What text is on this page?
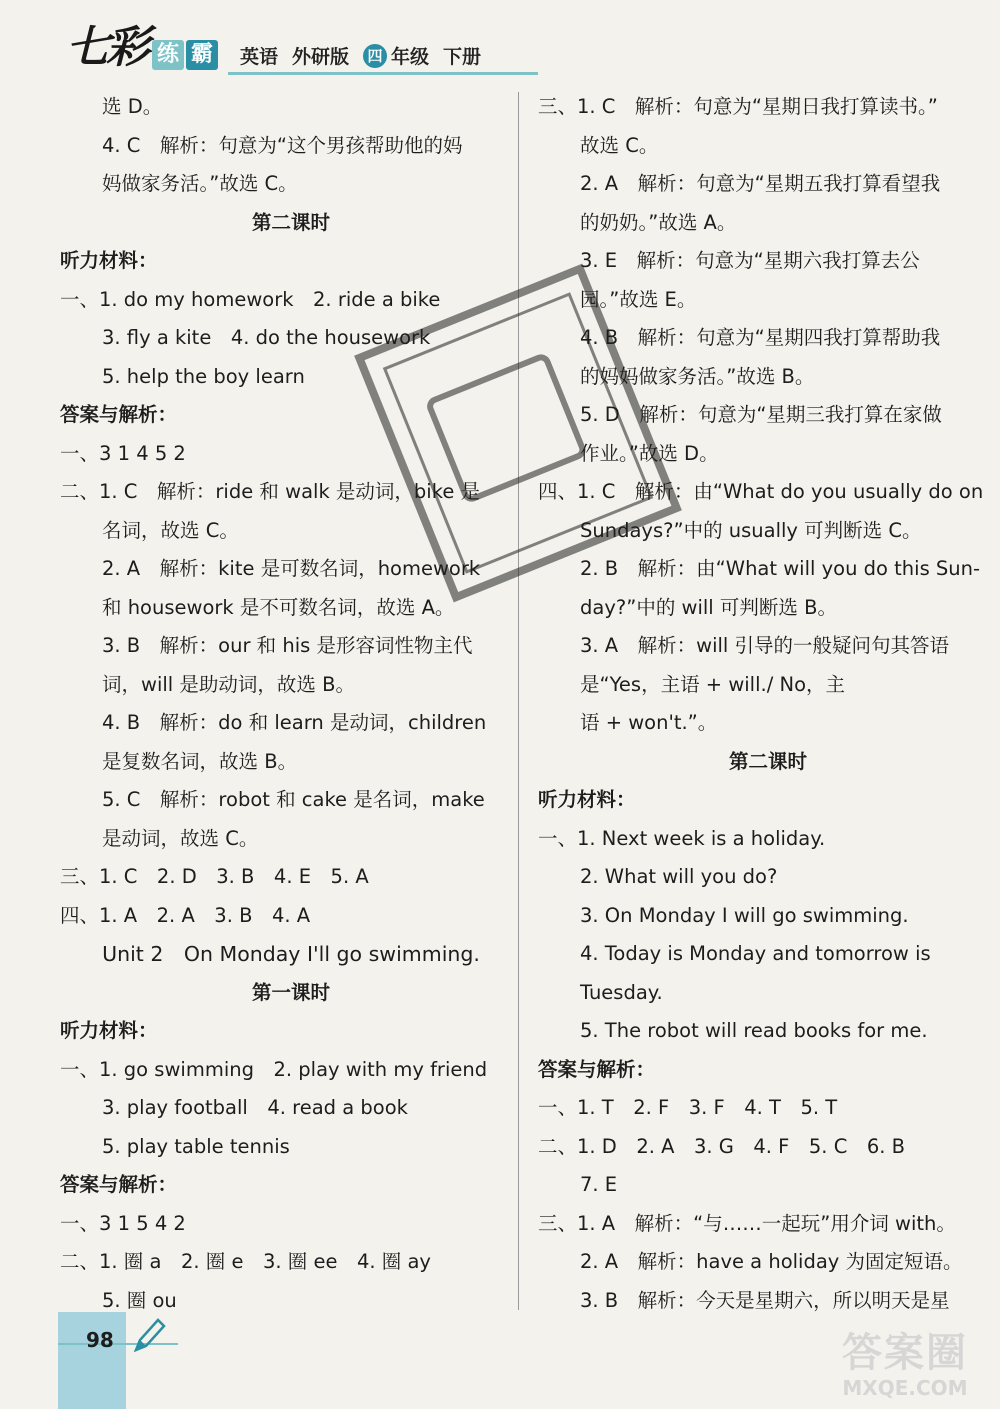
七彩 练 霸 英语 外研版 四 年级 下册
选 D。
4. C　解析：句意为“这个男孩帮助他的妈
妈做家务活。”故选 C。
第二课时
听力材料：
一、1. do my homework　2. ride a bike
3. fly a kite　4. do the housework
5. help the boy learn
答案与解析：
一、3 1 4 5 2
二、1. C　解析：ride 和 walk 是动词，bike 是
名词，故选 C。
2. A　解析：kite 是可数名词，homework
和 housework 是不可数名词，故选 A。
3. B　解析：our 和 his 是形容词性物主代
词，will 是助动词，故选 B。
4. B　解析：do 和 learn 是动词，children
是复数名词，故选 B。
5. C　解析：robot 和 cake 是名词，make
是动词，故选 C。
三、1. C　2. D　3. B　4. E　5. A
四、1. A　2. A　3. B　4. A
Unit 2　On Monday I'll go swimming.
第一课时
听力材料：
一、1. go swimming　2. play with my friend
3. play football　4. read a book
5. play table tennis
答案与解析：
一、3 1 5 4 2
二、1. 圈 a　2. 圈 e　3. 圈 ee　4. 圈 ay
5. 圈 ou
三、1. C　解析：句意为“星期日我打算读书。”
故选 C。
2. A　解析：句意为“星期五我打算看望我
的奶奶。”故选 A。
3. E　解析：句意为“星期六我打算去公
园。”故选 E。
4. B　解析：句意为“星期四我打算帮助我
的妈妈做家务活。”故选 B。
5. D　解析：句意为“星期三我打算在家做
作业。”故选 D。
四、1. C　解析：由“What do you usually do on
Sundays?”中的 usually 可判断选 C。
2. B　解析：由“What will you do this Sun-
day?”中的 will 可判断选 B。
3. A　解析：will 引导的一般疑问句其答语
是“Yes，主语 + will./ No，主
语 + won't.”。
第二课时
听力材料：
一、1. Next week is a holiday.
2. What will you do?
3. On Monday I will go swimming.
4. Today is Monday and tomorrow is
Tuesday.
5. The robot will read books for me.
答案与解析：
一、1. T　2. F　3. F　4. T　5. T
二、1. D　2. A　3. G　4. F　5. C　6. B
7. E
三、1. A　解析：“与……一起玩”用介词 with。
2. A　解析：have a holiday 为固定短语。
3. B　解析：今天是星期六，所以明天是星
98	答案圈
MXQE.COM
